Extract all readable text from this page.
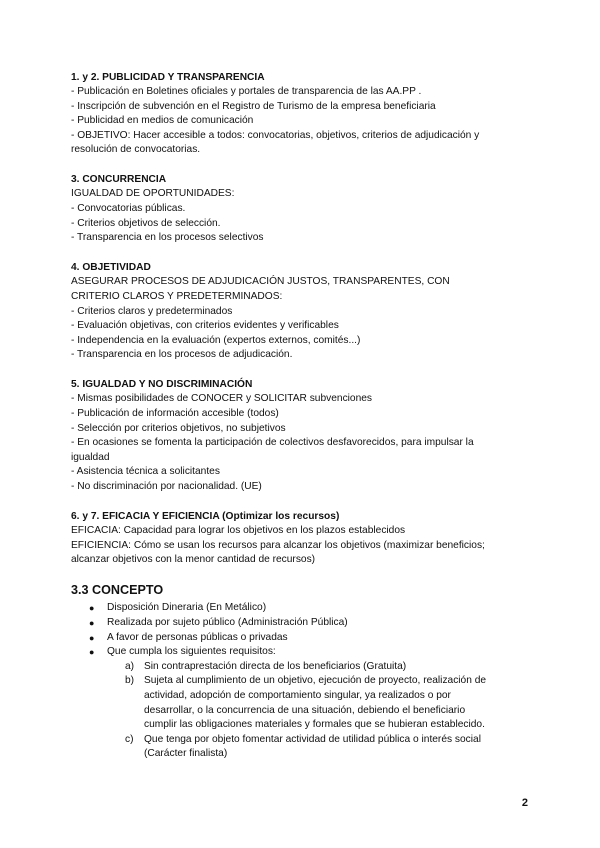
1. y 2. PUBLICIDAD Y TRANSPARENCIA
- Publicación en Boletines oficiales y portales de transparencia de las AA.PP .
- Inscripción de subvención en el Registro de Turismo de la empresa beneficiaria
- Publicidad en medios de comunicación
- OBJETIVO: Hacer accesible a todos: convocatorias, objetivos, criterios de adjudicación y
resolución de convocatorias.
3. CONCURRENCIA
IGUALDAD DE OPORTUNIDADES:
- Convocatorias públicas.
- Criterios objetivos de selección.
- Transparencia en los procesos selectivos
4. OBJETIVIDAD
ASEGURAR PROCESOS DE ADJUDICACIÓN JUSTOS, TRANSPARENTES, CON
CRITERIO CLAROS Y PREDETERMINADOS:
- Criterios claros y predeterminados
- Evaluación objetivas, con criterios evidentes y verificables
- Independencia en la evaluación (expertos externos, comités...)
- Transparencia en los procesos de adjudicación.
5. IGUALDAD Y NO DISCRIMINACIÓN
- Mismas posibilidades de CONOCER y SOLICITAR subvenciones
- Publicación de información accesible (todos)
- Selección por criterios objetivos, no subjetivos
- En ocasiones se fomenta la participación de colectivos desfavorecidos, para impulsar la
igualdad
- Asistencia técnica a solicitantes
- No discriminación por nacionalidad. (UE)
6. y 7. EFICACIA Y EFICIENCIA (Optimizar los recursos)
EFICACIA: Capacidad para lograr los objetivos en los plazos establecidos
EFICIENCIA: Cómo se usan los recursos para alcanzar los objetivos (maximizar beneficios;
alcanzar objetivos con la menor cantidad de recursos)
3.3 CONCEPTO
● Disposición Dineraria (En Metálico)
● Realizada por sujeto público (Administración Pública)
● A favor de personas públicas o privadas
● Que cumpla los siguientes requisitos:
a) Sin contraprestación directa de los beneficiarios (Gratuita)
b) Sujeta al cumplimiento de un objetivo, ejecución de proyecto, realización de
actividad, adopción de comportamiento singular, ya realizados o por
desarrollar, o la concurrencia de una situación, debiendo el beneficiario
cumplir las obligaciones materiales y formales que se hubieran establecido.
c) Que tenga por objeto fomentar actividad de utilidad pública o interés social
(Carácter finalista)
2
